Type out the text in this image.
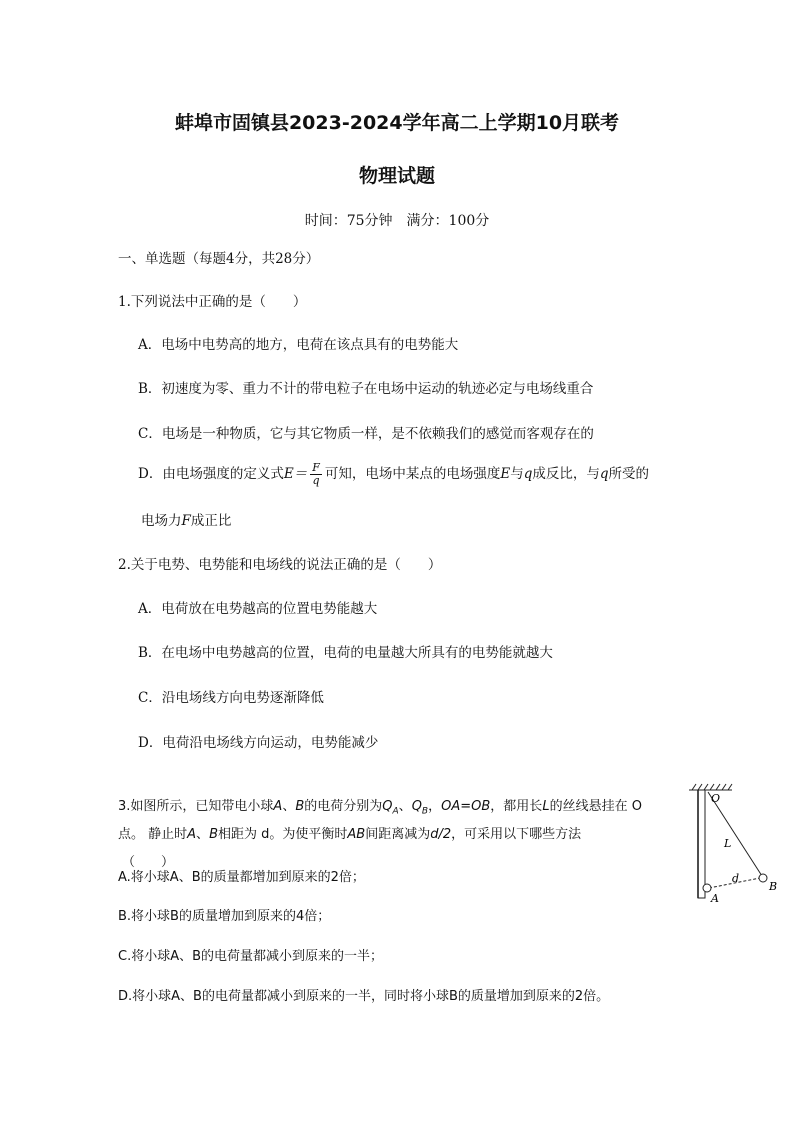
蚌埠市固镇县2023-2024学年高二上学期10月联考
物理试题
时间：75分钟　满分：100分
一、单选题（每题4分，共28分）
1.下列说法中正确的是（　　）
A．电场中电势高的地方，电荷在该点具有的电势能大
B．初速度为零、重力不计的带电粒子在电场中运动的轨迹必定与电场线重合
C．电场是一种物质，它与其它物质一样，是不依赖我们的感觉而客观存在的
D．由电场强度的定义式$E= \frac{F}{q}$ 可知，电场中某点的电场强度E与q成反比，与q所受的
电场力F成正比
2.关于电势、电势能和电场线的说法正确的是（　　）
A．电荷放在电势越高的位置电势能越大
B．在电场中电势越高的位置，电荷的电量越大所具有的电势能就越大
C．沿电场线方向电势逐渐降低
D．电荷沿电场线方向运动，电势能减少
3.如图所示，已知带电小球A、B的电荷分别为$Q_A$、$Q_B$，OA=OB，都用长L的丝线悬挂在 O
点。 静止时A、B相距为 d。为使平衡时AB间距离减为d/2，可采用以下哪些方法
（　　）
A.将小球A、B的质量都增加到原来的2倍；
B.将小球B的质量增加到原来的4倍；
C.将小球A、B的电荷量都减小到原来的一半；
D.将小球A、B的电荷量都减小到原来的一半，同时将小球B的质量增加到原来的2倍。
O
L
d
A
B
